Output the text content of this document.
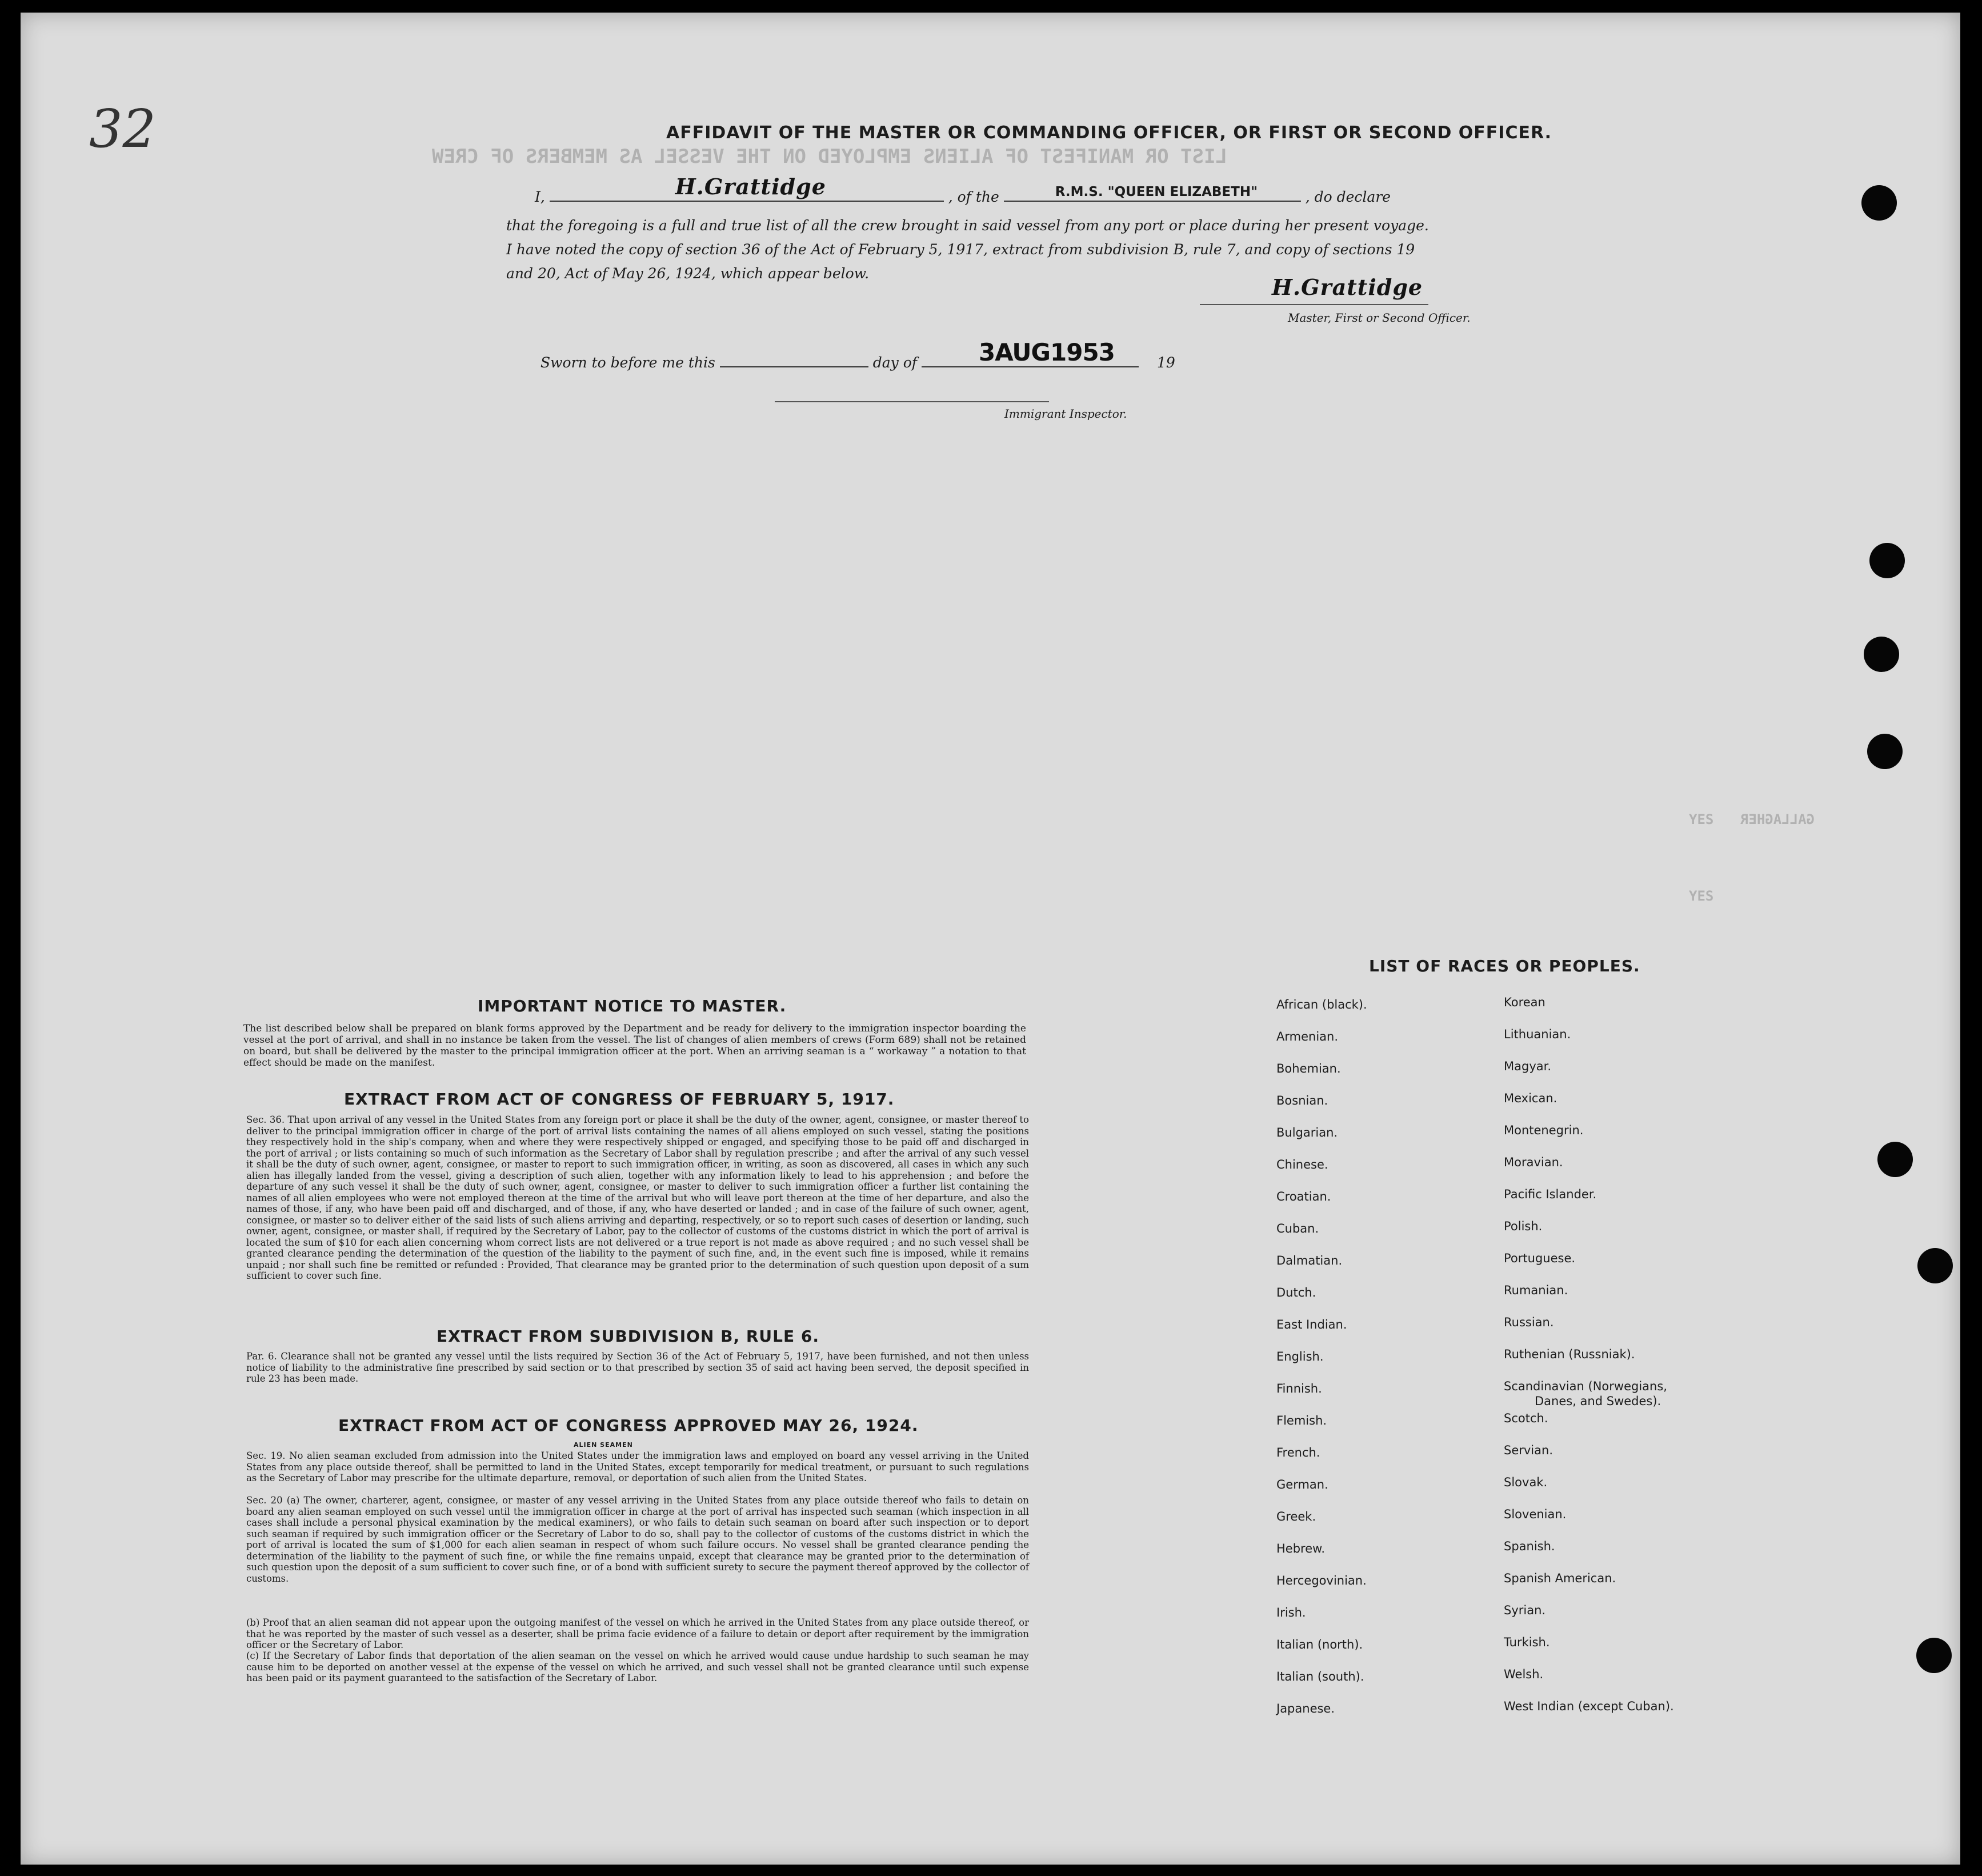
LIST OR MANIFEST OF ALIENS EMPLOYED ON THE VESSEL AS MEMBERS OF CREW
YES GALLAGHER
YES
32	AFFIDAVIT OF THE MASTER OR COMMANDING OFFICER, OR FIRST OR SECOND OFFICER.
I,	H.Grattidge	, of the	R.M.S. "QUEEN ELIZABETH"	, do declare
that the foregoing is a full and true list of all the crew brought in said vessel from any port or place during her present voyage.
I have noted the copy of section 36 of the Act of February 5, 1917, extract from subdivision B, rule 7, and copy of sections 19
and 20, Act of May 26, 1924, which appear below.
H.Grattidge
Master, First or Second Officer.
Sworn to before me this	day of	3AUG1953	19
Immigrant Inspector.
IMPORTANT NOTICE TO MASTER.
The list described below shall be prepared on blank forms approved by the Department and be ready for delivery to the immigration inspector boarding the vessel at the port of arrival, and shall in no instance be taken from the vessel. The list of changes of alien members of crews (Form 689) shall not be retained on board, but shall be delivered by the master to the principal immigration officer at the port. When an arriving seaman is a “ workaway ” a notation to that effect should be made on the manifest.
EXTRACT FROM ACT OF CONGRESS OF FEBRUARY 5, 1917.
Sec. 36. That upon arrival of any vessel in the United States from any foreign port or place it shall be the duty of the owner, agent, consignee, or master thereof to deliver to the principal immigration officer in charge of the port of arrival lists containing the names of all aliens employed on such vessel, stating the positions they respectively hold in the ship's company, when and where they were respectively shipped or engaged, and specifying those to be paid off and discharged in the port of arrival ; or lists containing so much of such information as the Secretary of Labor shall by regulation prescribe ; and after the arrival of any such vessel it shall be the duty of such owner, agent, consignee, or master to report to such immigration officer, in writing, as soon as discovered, all cases in which any such alien has illegally landed from the vessel, giving a description of such alien, together with any information likely to lead to his apprehension ; and before the departure of any such vessel it shall be the duty of such owner, agent, consignee, or master to deliver to such immigration officer a further list containing the names of all alien employees who were not employed thereon at the time of the arrival but who will leave port thereon at the time of her departure, and also the names of those, if any, who have been paid off and discharged, and of those, if any, who have deserted or landed ; and in case of the failure of such owner, agent, consignee, or master so to deliver either of the said lists of such aliens arriving and departing, respectively, or so to report such cases of desertion or landing, such owner, agent, consignee, or master shall, if required by the Secretary of Labor, pay to the collector of customs of the customs district in which the port of arrival is located the sum of $10 for each alien concerning whom correct lists are not delivered or a true report is not made as above required ; and no such vessel shall be granted clearance pending the determination of the question of the liability to the payment of such fine, and, in the event such fine is imposed, while it remains unpaid ; nor shall such fine be remitted or refunded : Provided, That clearance may be granted prior to the determination of such question upon deposit of a sum sufficient to cover such fine.
EXTRACT FROM SUBDIVISION B, RULE 6.
Par. 6. Clearance shall not be granted any vessel until the lists required by Section 36 of the Act of February 5, 1917, have been furnished, and not then unless notice of liability to the administrative fine prescribed by said section or to that prescribed by section 35 of said act having been served, the deposit specified in rule 23 has been made.
EXTRACT FROM ACT OF CONGRESS APPROVED MAY 26, 1924.
ALIEN SEAMEN
Sec. 19. No alien seaman excluded from admission into the United States under the immigration laws and employed on board any vessel arriving in the United States from any place outside thereof, shall be permitted to land in the United States, except temporarily for medical treatment, or pursuant to such regulations as the Secretary of Labor may prescribe for the ultimate departure, removal, or deportation of such alien from the United States.
Sec. 20 (a) The owner, charterer, agent, consignee, or master of any vessel arriving in the United States from any place outside thereof who fails to detain on board any alien seaman employed on such vessel until the immigration officer in charge at the port of arrival has inspected such seaman (which inspection in all cases shall include a personal physical examination by the medical examiners), or who fails to detain such seaman on board after such inspection or to deport such seaman if required by such immigration officer or the Secretary of Labor to do so, shall pay to the collector of customs of the customs district in which the port of arrival is located the sum of $1,000 for each alien seaman in respect of whom such failure occurs. No vessel shall be granted clearance pending the determination of the liability to the payment of such fine, or while the fine remains unpaid, except that clearance may be granted prior to the determination of such question upon the deposit of a sum sufficient to cover such fine, or of a bond with sufficient surety to secure the payment thereof approved by the collector of customs.
(b) Proof that an alien seaman did not appear upon the outgoing manifest of the vessel on which he arrived in the United States from any place outside thereof, or that he was reported by the master of such vessel as a deserter, shall be prima facie evidence of a failure to detain or deport after requirement by the immigration officer or the Secretary of Labor.
(c) If the Secretary of Labor finds that deportation of the alien seaman on the vessel on which he arrived would cause undue hardship to such seaman he may cause him to be deported on another vessel at the expense of the vessel on which he arrived, and such vessel shall not be granted clearance until such expense has been paid or its payment guaranteed to the satisfaction of the Secretary of Labor.
LIST OF RACES OR PEOPLES.
African (black).
Armenian.
Bohemian.
Bosnian.
Bulgarian.
Chinese.
Croatian.
Cuban.
Dalmatian.
Dutch.
East Indian.
English.
Finnish.
Flemish.
French.
German.
Greek.
Hebrew.
Hercegovinian.
Irish.
Italian (north).
Italian (south).
Japanese.
Korean
Lithuanian.
Magyar.
Mexican.
Montenegrin.
Moravian.
Pacific Islander.
Polish.
Portuguese.
Rumanian.
Russian.
Ruthenian (Russniak).
Scandinavian (Norwegians,
Danes, and Swedes).
Scotch.
Servian.
Slovak.
Slovenian.
Spanish.
Spanish American.
Syrian.
Turkish.
Welsh.
West Indian (except Cuban).
